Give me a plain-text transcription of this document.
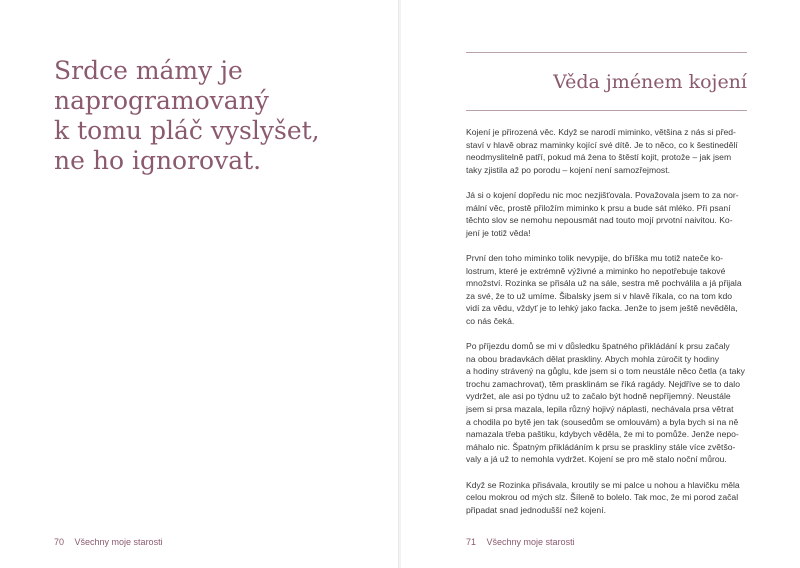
Srdce mámy je
naprogramovaný
k tomu pláč vyslyšet,
ne ho ignorovat.
70 Všechny moje starosti
Věda jménem kojení

Kojení je přirozená věc. Když se narodí miminko, většina z nás si před-
staví v hlavě obraz maminky kojící své dítě. Je to něco, co k šestinedělí
neodmyslitelně patří, pokud má žena to štěstí kojit, protože – jak jsem
taky zjistila až po porodu – kojení není samozřejmost.

Já si o kojení dopředu nic moc nezjišťovala. Považovala jsem to za nor-
mální věc, prostě přiložím miminko k prsu a bude sát mléko. Při psaní
těchto slov se nemohu nepousmát nad touto mojí prvotní naivitou. Ko-
jení je totiž věda!

První den toho miminko tolik nevypije, do bříška mu totiž nateče ko-
lostrum, které je extrémně výživné a miminko ho nepotřebuje takové
množství. Rozinka se přisála už na sále, sestra mě pochválila a já přijala
za své, že to už umíme. Šibalsky jsem si v hlavě říkala, co na tom kdo
vidí za vědu, vždyť je to lehký jako facka. Jenže to jsem ještě nevěděla,
co nás čeká.

Po příjezdu domů se mi v důsledku špatného přikládání k prsu začaly
na obou bradavkách dělat praskliny. Abych mohla zúročit ty hodiny
a hodiny strávený na gůglu, kde jsem si o tom neustále něco četla (a taky
trochu zamachrovat), těm prasklinám se říká ragády. Nejdříve se to dalo
vydržet, ale asi po týdnu už to začalo být hodně nepříjemný. Neustále
jsem si prsa mazala, lepila různý hojivý náplasti, nechávala prsa větrat
a chodila po bytě jen tak (sousedům se omlouvám) a byla bych si na ně
namazala třeba paštiku, kdybych věděla, že mi to pomůže. Jenže nepo-
máhalo nic. Špatným přikládáním k prsu se praskliny stále více zvětšo-
valy a já už to nemohla vydržet. Kojení se pro mě stalo noční můrou.

Když se Rozinka přisávala, kroutily se mi palce u nohou a hlavičku měla
celou mokrou od mých slz. Šíleně to bolelo. Tak moc, že mi porod začal
připadat snad jednodušší než kojení.

71 Všechny moje starosti
